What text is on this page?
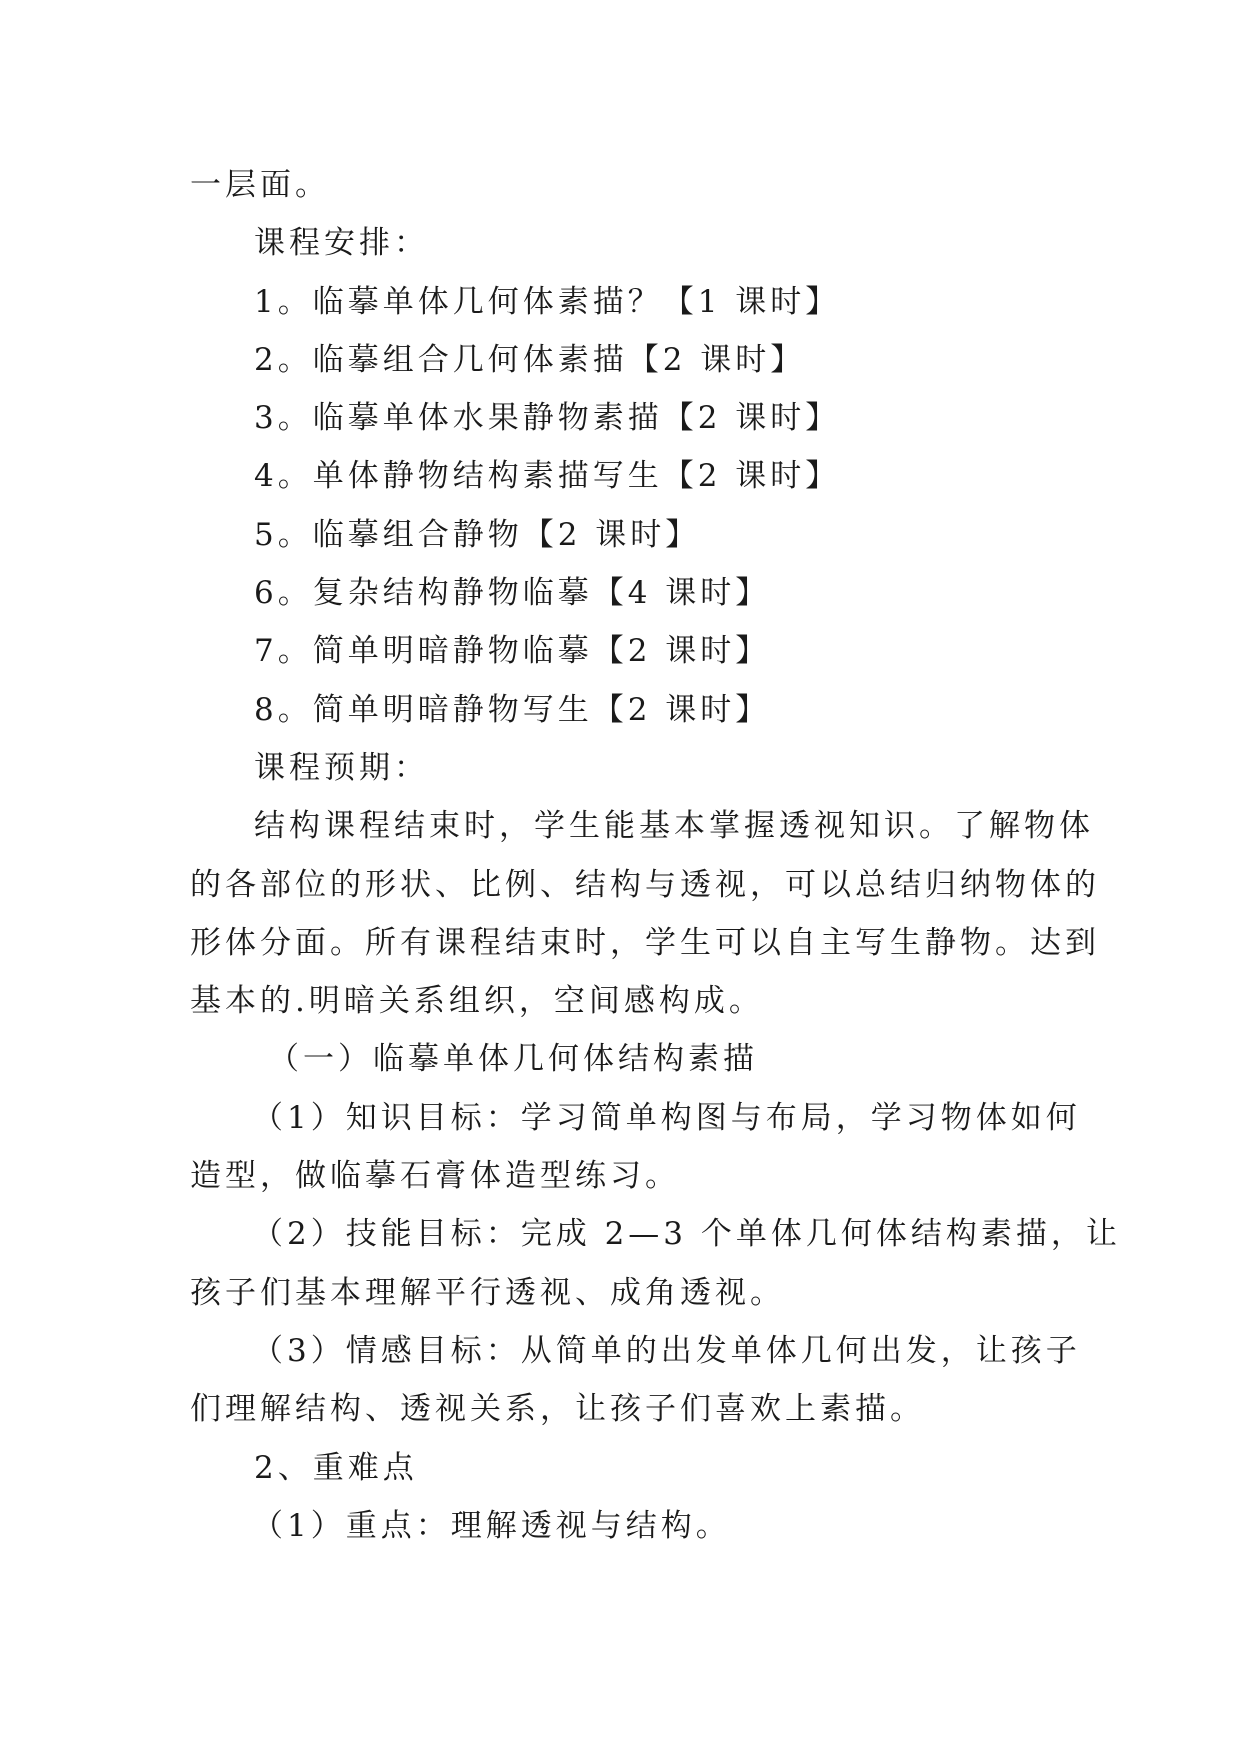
一层面。

课程安排：

1。临摹单体几何体素描？【1 课时】

2。临摹组合几何体素描【2 课时】

3。临摹单体水果静物素描【2 课时】

4。单体静物结构素描写生【2 课时】

5。临摹组合静物【2 课时】

6。复杂结构静物临摹【4 课时】

7。简单明暗静物临摹【2 课时】

8。简单明暗静物写生【2 课时】

课程预期：

结构课程结束时，学生能基本掌握透视知识。了解物体

的各部位的形状、比例、结构与透视，可以总结归纳物体的

形体分面。所有课程结束时，学生可以自主写生静物。达到

基本的.明暗关系组织，空间感构成。

（一）临摹单体几何体结构素描

（1）知识目标：学习简单构图与布局，学习物体如何

造型，做临摹石膏体造型练习。

（2）技能目标：完成 2—3 个单体几何体结构素描，让

孩子们基本理解平行透视、成角透视。

（3）情感目标：从简单的出发单体几何出发，让孩子

们理解结构、透视关系，让孩子们喜欢上素描。

2、重难点

（1）重点：理解透视与结构。
